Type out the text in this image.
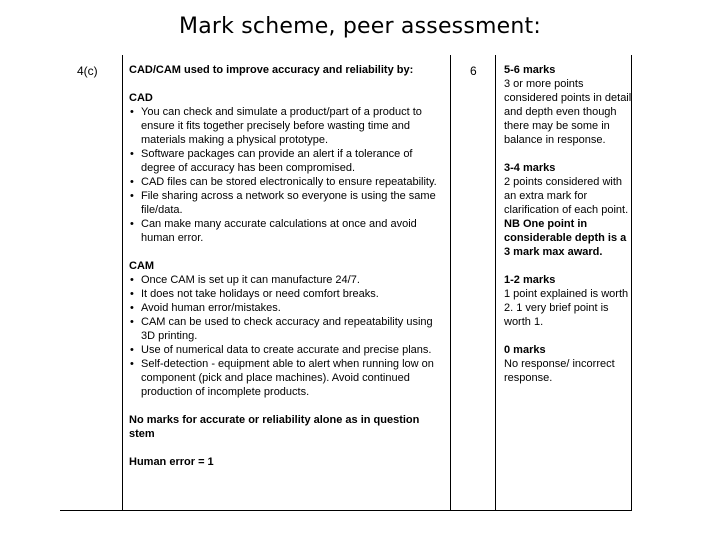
Mark scheme, peer assessment:
4(c)	CAD/CAM used to improve accuracy and reliability by:
CAD
• You can check and simulate a product/part of a product to ensure it fits together precisely before wasting time and materials making a physical prototype.
• Software packages can provide an alert if a tolerance of degree of accuracy has been compromised.
• CAD files can be stored electronically to ensure repeatability.
• File sharing across a network so everyone is using the same file/data.
• Can make many accurate calculations at once and avoid human error.
CAM
• Once CAM is set up it can manufacture 24/7.
• It does not take holidays or need comfort breaks.
• Avoid human error/mistakes.
• CAM can be used to check accuracy and repeatability using 3D printing.
• Use of numerical data to create accurate and precise plans.
• Self-detection - equipment able to alert when running low on component (pick and place machines). Avoid continued production of incomplete products.
No marks for accurate or reliability alone as in question stem
Human error = 1
6 5-6 marks
3 or more points considered points in detail and depth even though there may be some in balance in response.
3-4 marks
2 points considered with an extra mark for clarification of each point.
NB One point in considerable depth is a 3 mark max award.
1-2 marks
1 point explained is worth 2. 1 very brief point is worth 1.
0 marks
No response/ incorrect response.
